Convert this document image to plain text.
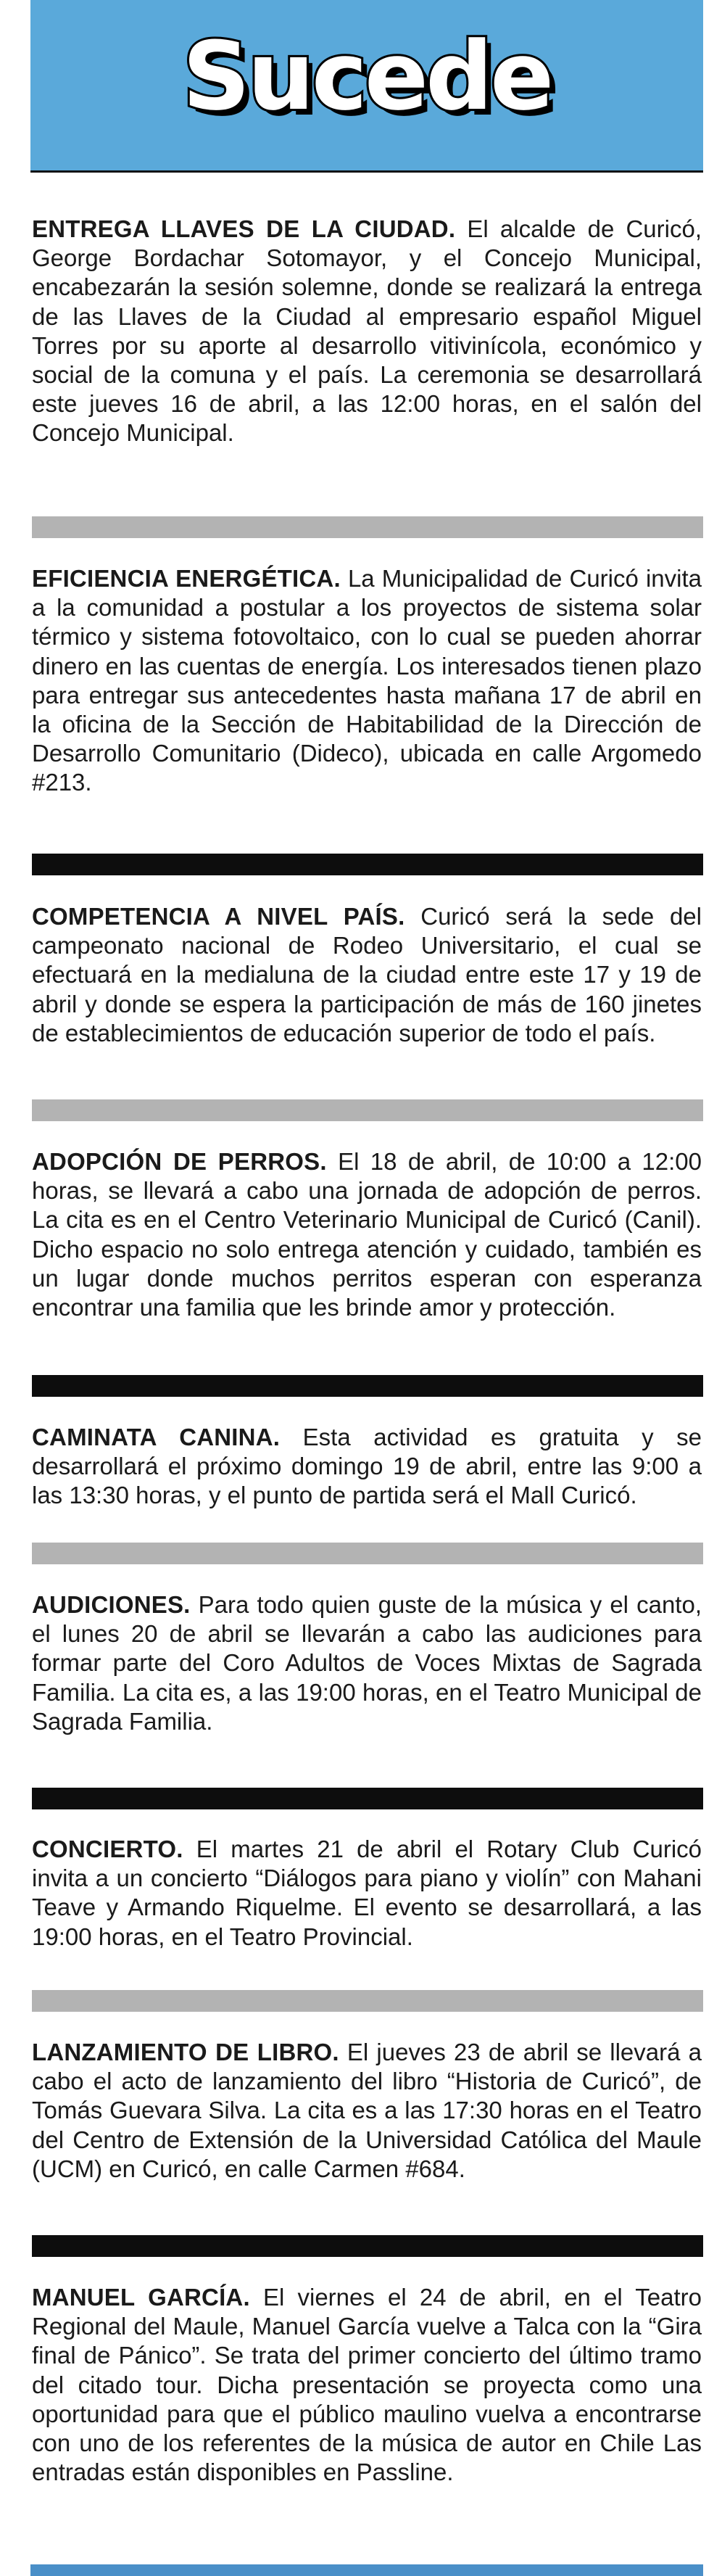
Sucede
ENTREGA LLAVES DE LA CIUDAD. El alcalde de Curicó, George Bordachar Sotomayor, y el Concejo Municipal, encabezarán la sesión solemne, donde se realizará la entrega de las Llaves de la Ciudad al empresario español Miguel Torres por su aporte al desarrollo vitivinícola, económico y social de la comuna y el país. La ceremonia se desarrollará este jueves 16 de abril, a las 12:00 horas, en el salón del Concejo Municipal.
EFICIENCIA ENERGÉTICA. La Municipalidad de Curicó invita a la comunidad a postular a los proyectos de sistema solar térmico y sistema fotovoltaico, con lo cual se pueden ahorrar dinero en las cuentas de energía. Los interesados tienen plazo para entregar sus antecedentes hasta mañana 17 de abril en la oficina de la Sección de Habitabilidad de la Dirección de Desarrollo Comunitario (Dideco), ubicada en calle Argomedo #213.
COMPETENCIA A NIVEL PAÍS. Curicó será la sede del campeonato nacional de Rodeo Universitario, el cual se efectuará en la medialuna de la ciudad entre este 17 y 19 de abril y donde se espera la participación de más de 160 jinetes de establecimientos de educación superior de todo el país.
ADOPCIÓN DE PERROS. El 18 de abril, de 10:00 a 12:00 horas, se llevará a cabo una jornada de adopción de perros. La cita es en el Centro Veterinario Municipal de Curicó (Canil). Dicho espacio no solo entrega atención y cuidado, también es un lugar donde muchos perritos esperan con esperanza encontrar una familia que les brinde amor y protección.
CAMINATA CANINA. Esta actividad es gratuita y se desarrollará el próximo domingo 19 de abril, entre las 9:00 a las 13:30 horas, y el punto de partida será el Mall Curicó.
AUDICIONES. Para todo quien guste de la música y el canto, el lunes 20 de abril se llevarán a cabo las audiciones para formar parte del Coro Adultos de Voces Mixtas de Sagrada Familia. La cita es, a las 19:00 horas, en el Teatro Municipal de Sagrada Familia.
CONCIERTO. El martes 21 de abril el Rotary Club Curicó invita a un concierto “Diálogos para piano y violín” con Mahani Teave y Armando Riquelme. El evento se desarrollará, a las 19:00 horas, en el Teatro Provincial.
LANZAMIENTO DE LIBRO. El jueves 23 de abril se llevará a cabo el acto de lanzamiento del libro “Historia de Curicó”, de Tomás Guevara Silva. La cita es a las 17:30 horas en el Teatro del Centro de Extensión de la Universidad Católica del Maule (UCM) en Curicó, en calle Carmen #684.
MANUEL GARCÍA. El viernes el 24 de abril, en el Teatro Regional del Maule, Manuel García vuelve a Talca con la “Gira final de Pánico”. Se trata del primer concierto del último tramo del citado tour. Dicha presentación se proyecta como una oportunidad para que el público maulino vuelva a encontrarse con uno de los referentes de la música de autor en Chile Las entradas están disponibles en Passline.
